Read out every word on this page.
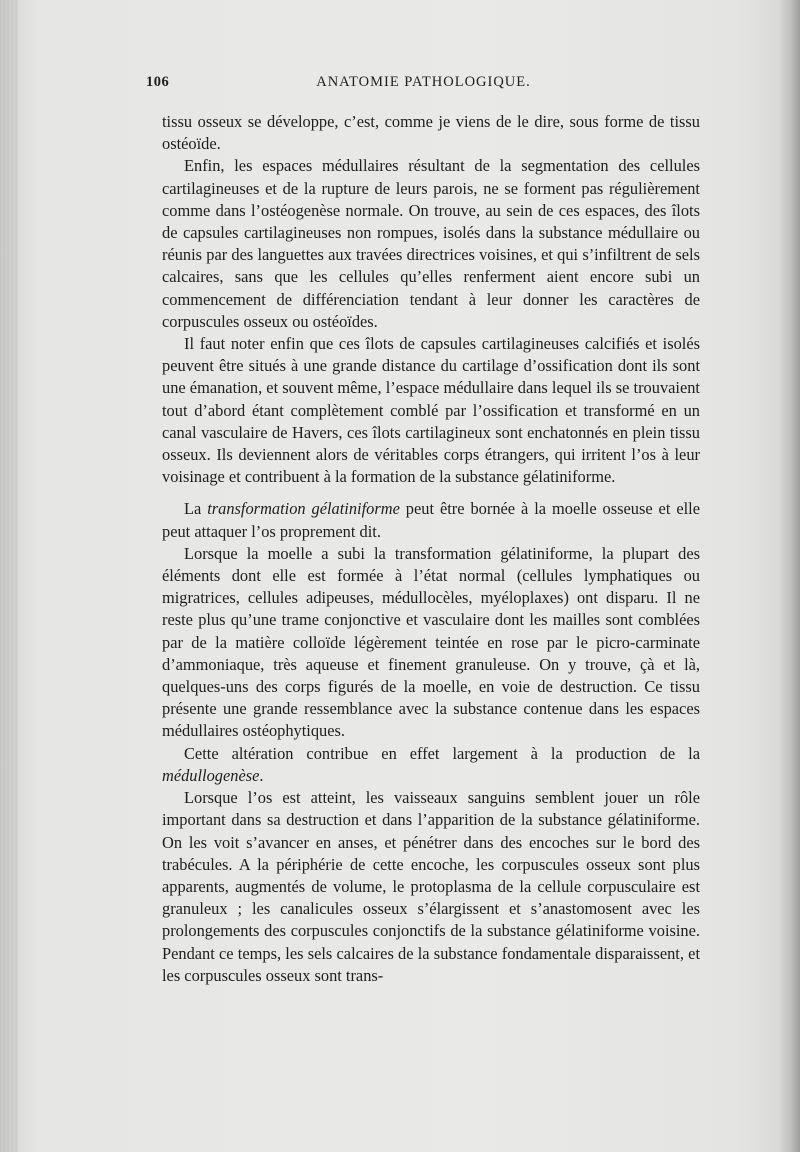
106	ANATOMIE PATHOLOGIQUE.

tissu osseux se développe, c’est, comme je viens de le dire, sous forme de tissu ostéoïde.

Enfin, les espaces médullaires résultant de la segmentation des cellules cartilagineuses et de la rupture de leurs parois, ne se forment pas régulièrement comme dans l’ostéogenèse normale. On trouve, au sein de ces espaces, des îlots de capsules cartilagineuses non rompues, isolés dans la substance médullaire ou réunis par des languettes aux travées directrices voisines, et qui s’infiltrent de sels calcaires, sans que les cellules qu’elles renferment aient encore subi un commencement de différenciation tendant à leur donner les caractères de corpuscules osseux ou ostéoïdes.

Il faut noter enfin que ces îlots de capsules cartilagineuses calcifiés et isolés peuvent être situés à une grande distance du cartilage d’ossification dont ils sont une émanation, et souvent même, l’espace médullaire dans lequel ils se trouvaient tout d’abord étant complètement comblé par l’ossification et transformé en un canal vasculaire de Havers, ces îlots cartilagineux sont enchatonnés en plein tissu osseux. Ils deviennent alors de véritables corps étrangers, qui irritent l’os à leur voisinage et contribuent à la formation de la substance gélatiniforme.

La transformation gélatiniforme peut être bornée à la moelle osseuse et elle peut attaquer l’os proprement dit.

Lorsque la moelle a subi la transformation gélatiniforme, la plupart des éléments dont elle est formée à l’état normal (cellules lymphatiques ou migratrices, cellules adipeuses, médullocèles, myéloplaxes) ont disparu. Il ne reste plus qu’une trame conjonctive et vasculaire dont les mailles sont comblées par de la matière colloïde légèrement teintée en rose par le picro-carminate d’ammoniaque, très aqueuse et finement granuleuse. On y trouve, çà et là, quelques-uns des corps figurés de la moelle, en voie de destruction. Ce tissu présente une grande ressemblance avec la substance contenue dans les espaces médullaires ostéophytiques.

Cette altération contribue en effet largement à la production de la médullogenèse.

Lorsque l’os est atteint, les vaisseaux sanguins semblent jouer un rôle important dans sa destruction et dans l’apparition de la substance gélatiniforme. On les voit s’avancer en anses, et pénétrer dans des encoches sur le bord des trabécules. A la périphérie de cette encoche, les corpuscules osseux sont plus apparents, augmentés de volume, le protoplasma de la cellule corpusculaire est granuleux ; les canalicules osseux s’élargissent et s’anastomosent avec les prolongements des corpuscules conjonctifs de la substance gélatiniforme voisine. Pendant ce temps, les sels calcaires de la substance fondamentale disparaissent, et les corpuscules osseux sont trans-
